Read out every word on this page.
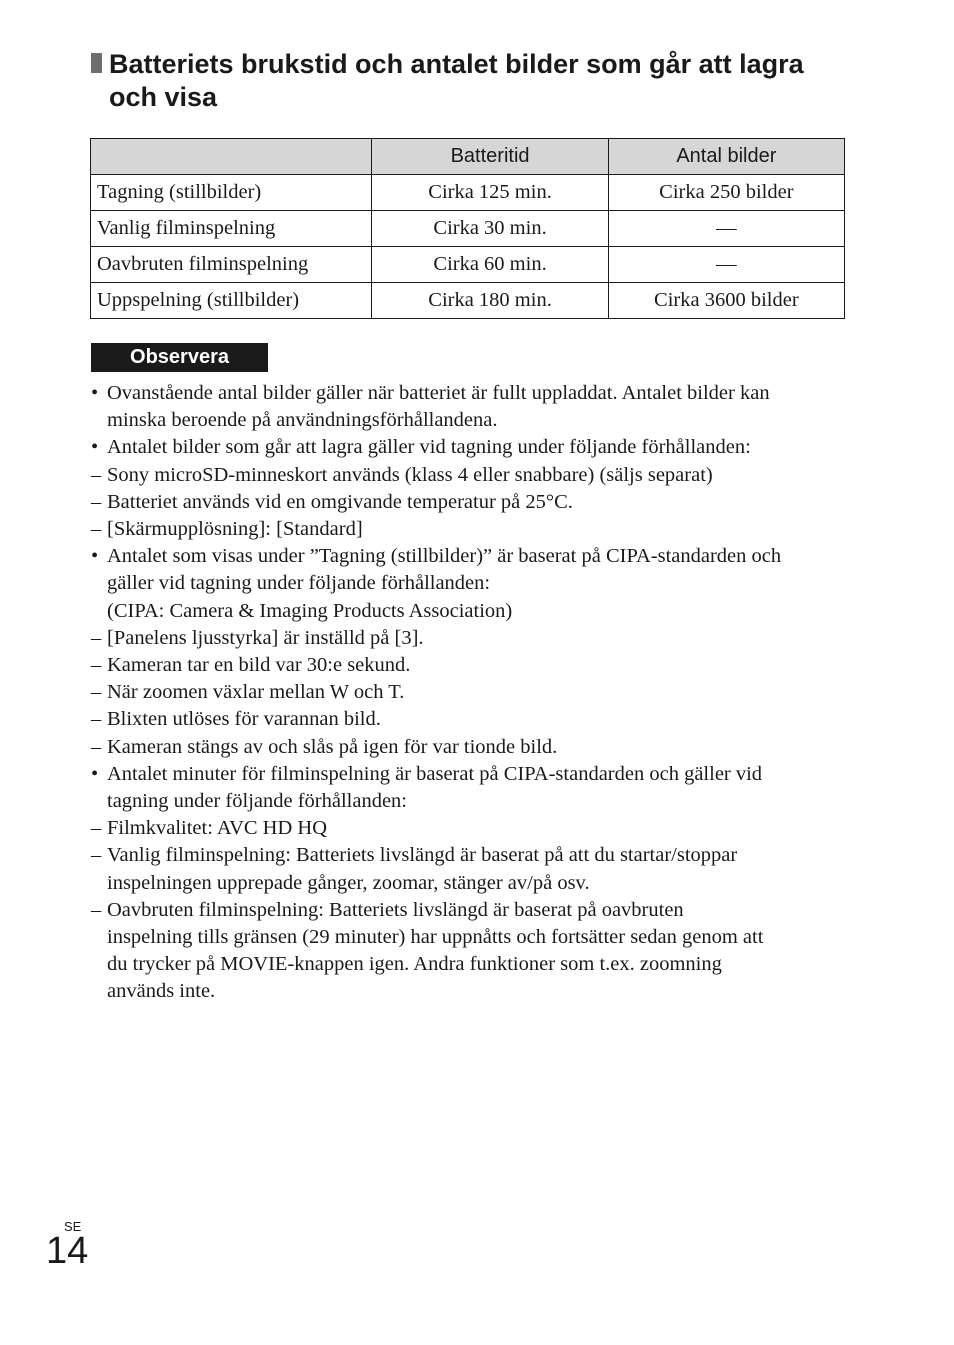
Batteriets brukstid och antalet bilder som går att lagra
och visa
	Batteritid	Antal bilder
Tagning (stillbilder)	Cirka 125 min.	Cirka 250 bilder
Vanlig filminspelning	Cirka 30 min.	—
Oavbruten filminspelning	Cirka 60 min.	—
Uppspelning (stillbilder)	Cirka 180 min.	Cirka 3600 bilder
Observera
• Ovanstående antal bilder gäller när batteriet är fullt uppladdat. Antalet bilder kan
minska beroende på användningsförhållandena.
• Antalet bilder som går att lagra gäller vid tagning under följande förhållanden:
– Sony microSD-minneskort används (klass 4 eller snabbare) (säljs separat)
– Batteriet används vid en omgivande temperatur på 25°C.
– [Skärmupplösning]: [Standard]
• Antalet som visas under ”Tagning (stillbilder)” är baserat på CIPA-standarden och
gäller vid tagning under följande förhållanden:
(CIPA: Camera & Imaging Products Association)
– [Panelens ljusstyrka] är inställd på [3].
– Kameran tar en bild var 30:e sekund.
– När zoomen växlar mellan W och T.
– Blixten utlöses för varannan bild.
– Kameran stängs av och slås på igen för var tionde bild.
• Antalet minuter för filminspelning är baserat på CIPA-standarden och gäller vid
tagning under följande förhållanden:
– Filmkvalitet: AVC HD HQ
– Vanlig filminspelning: Batteriets livslängd är baserat på att du startar/stoppar
inspelningen upprepade gånger, zoomar, stänger av/på osv.
– Oavbruten filminspelning: Batteriets livslängd är baserat på oavbruten
inspelning tills gränsen (29 minuter) har uppnåtts och fortsätter sedan genom att
du trycker på MOVIE-knappen igen. Andra funktioner som t.ex. zoomning
används inte.
SE
14
